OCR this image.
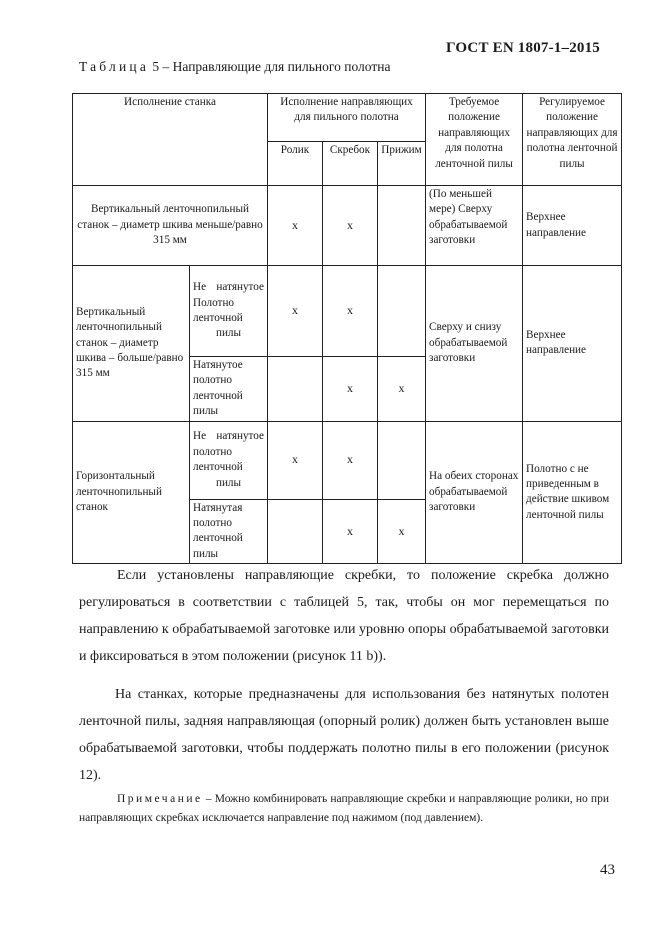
ГОСТ EN 1807-1–2015
Таблица 5 – Направляющие для пильного полотна
Исполнение станка		Исполнение направляющих для пильного полотна			Требуемое положение направляющих для полотна ленточной пилы	Регулируемое положение направляющих для полотна ленточной пилы
		Ролик	Скребок	Прижим		
Вертикальный ленточнопильный станок – диаметр шкива меньше/равно 315 мм		x	x		(По меньшей мере) Сверху обрабатываемой заготовки	Верхнее направление
Вертикальный ленточнопильный станок – диаметр шкива – больше/равно 315 мм	Не натянутое Полотно ленточной пилы	x	x		Сверху и снизу обрабатываемой заготовки	Верхнее направление
	Натянутое полотно ленточной пилы		x	x		
Горизонтальный ленточнопильный станок	Не натянутое полотно ленточной пилы	x	x		На обеих сторонах обрабатываемой заготовки	Полотно с не приведенным в действие шкивом ленточной пилы
	Натянутая полотно ленточной пилы		x	x		

Если установлены направляющие скребки, то положение скребка должно регулироваться в соответствии с таблицей 5, так, чтобы он мог перемещаться по направлению к обрабатываемой заготовке или уровню опоры обрабатываемой заготовки и фиксироваться в этом положении (рисунок 11 b)).

На станках, которые предназначены для использования без натянутых полотен ленточной пилы, задняя направляющая (опорный ролик) должен быть установлен выше обрабатываемой заготовки, чтобы поддержать полотно пилы в его положении (рисунок 12).

Примечание – Можно комбинировать направляющие скребки и направляющие ролики, но при направляющих скребках исключается направление под нажимом (под давлением).

43
